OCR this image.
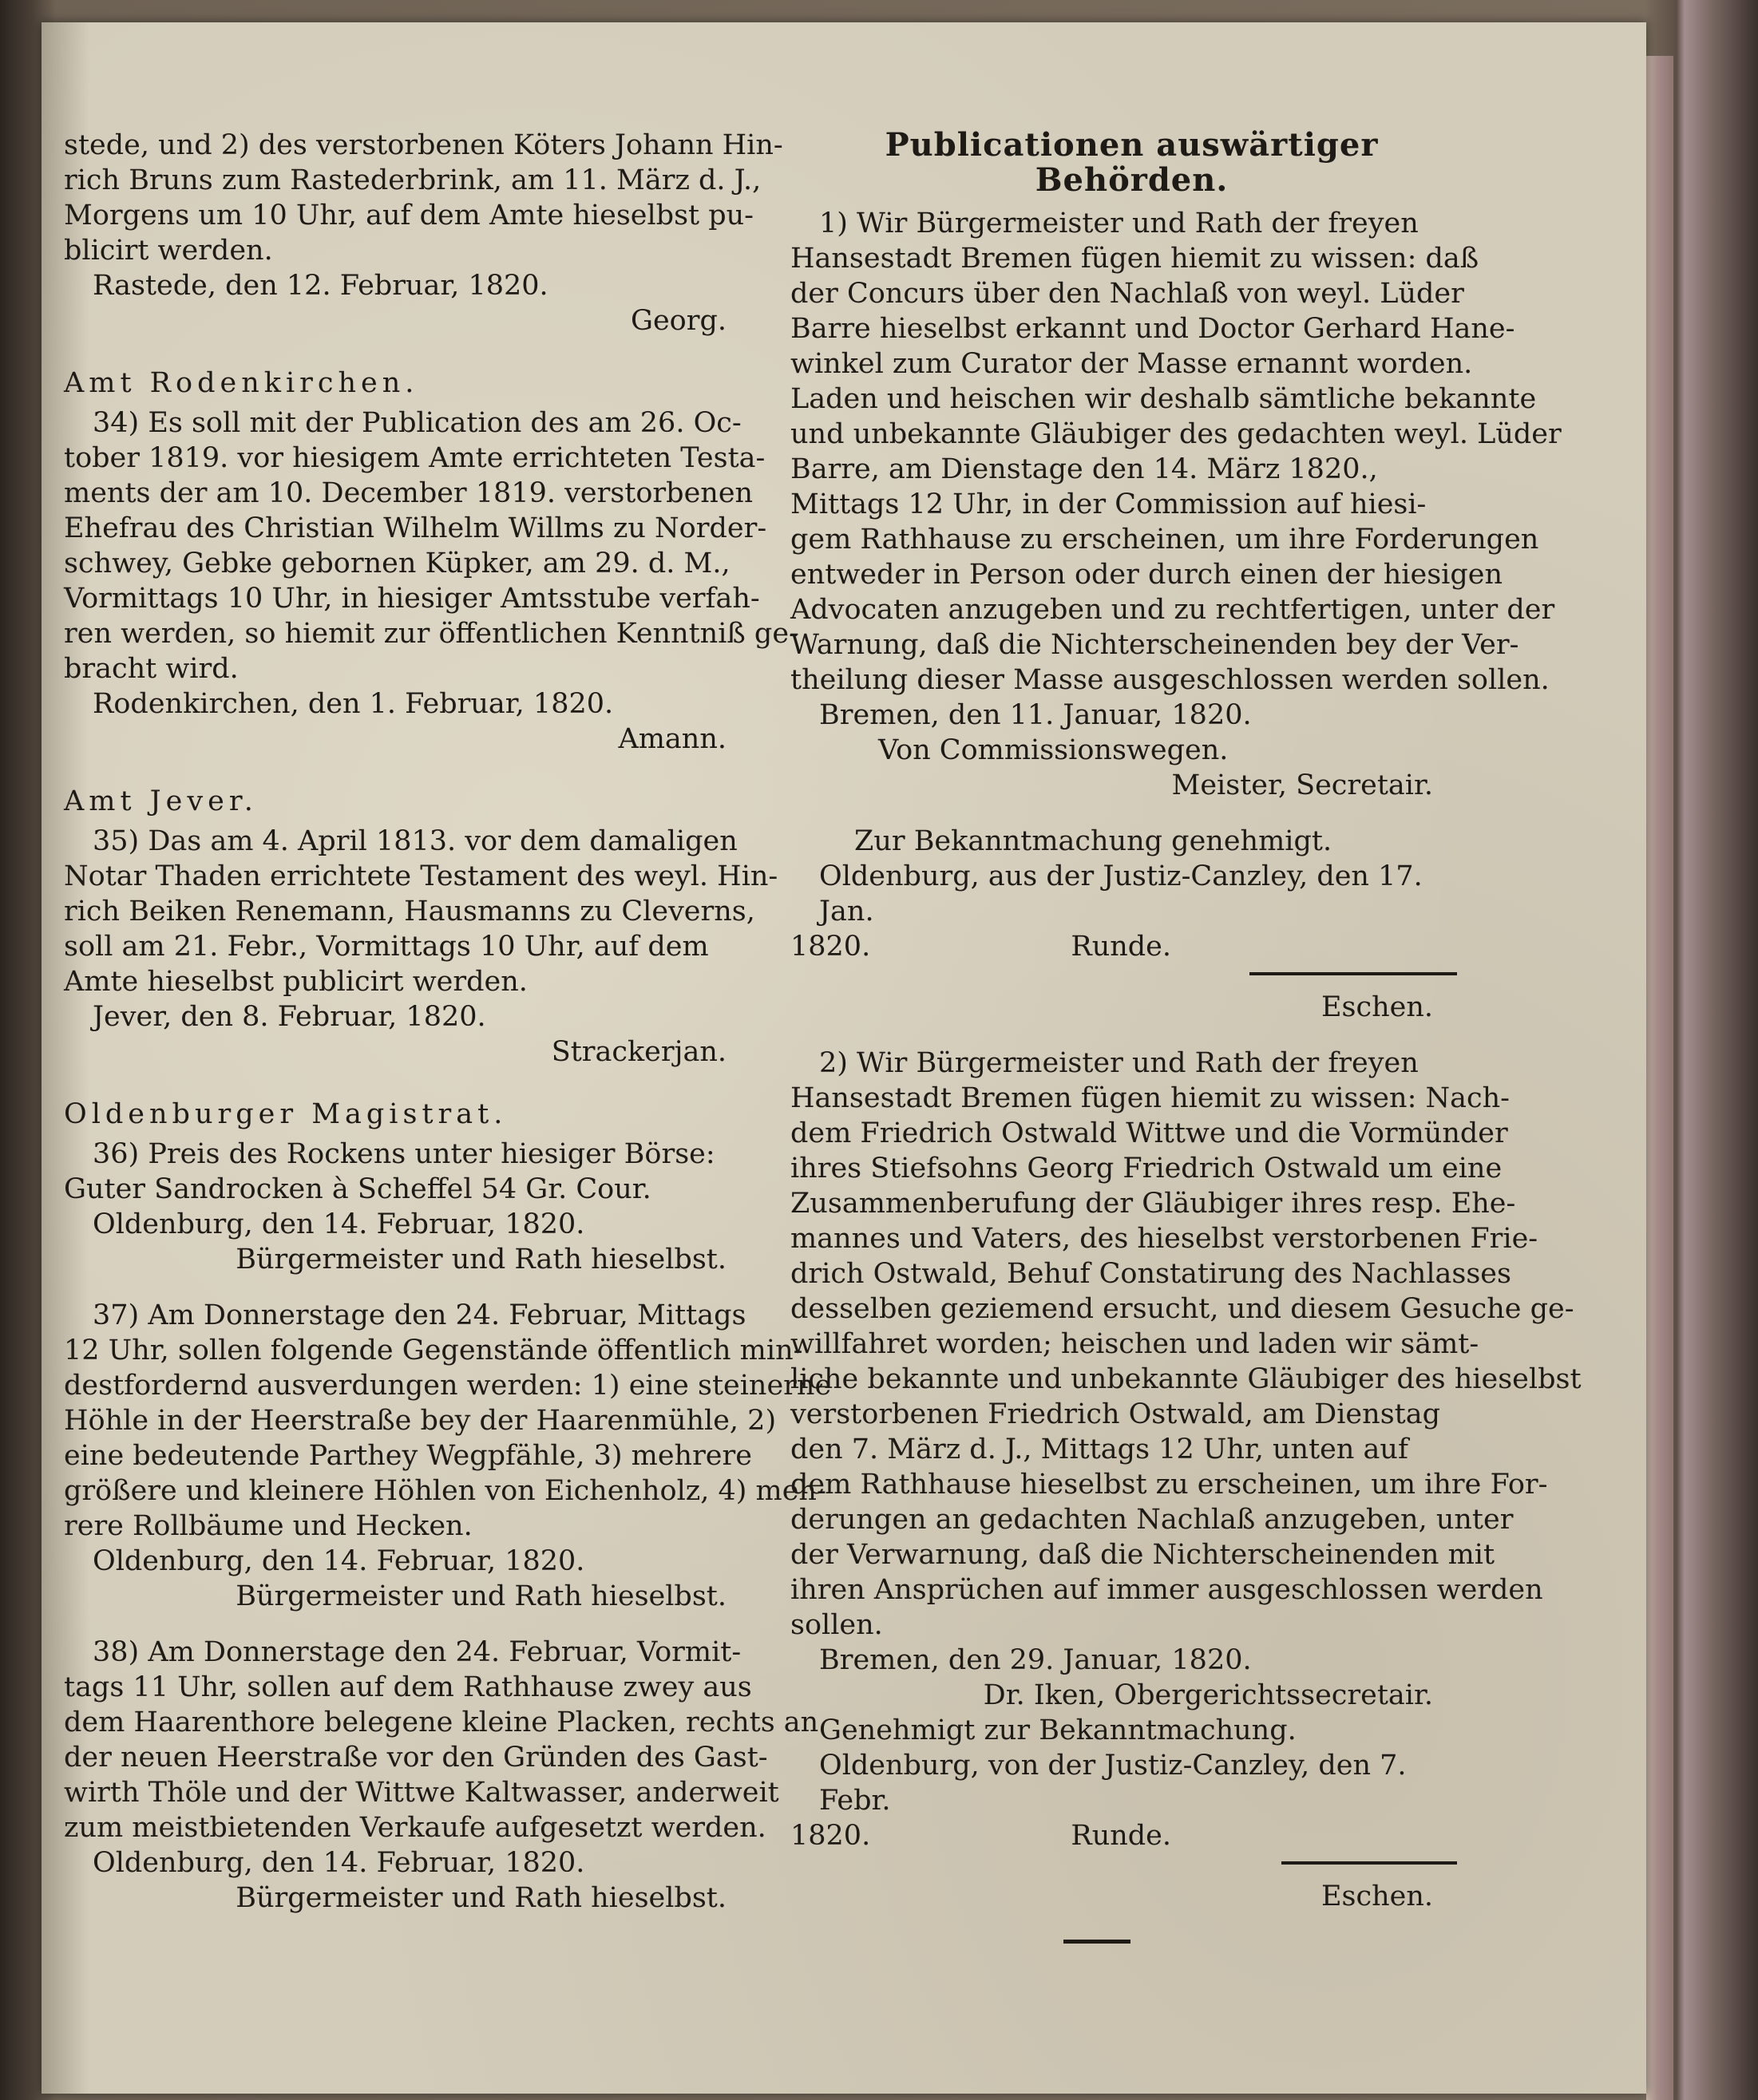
stede, und 2) des verstorbenen Köters Johann Hin-
rich Bruns zum Rastederbrink, am 11. März d. J.,
Morgens um 10 Uhr, auf dem Amte hieselbst pu-
blicirt werden.
Rastede, den 12. Februar, 1820.
Georg.
Amt Rodenkirchen.
34) Es soll mit der Publication des am 26. Oc-
tober 1819. vor hiesigem Amte errichteten Testa-
ments der am 10. December 1819. verstorbenen
Ehefrau des Christian Wilhelm Willms zu Norder-
schwey, Gebke gebornen Küpker, am 29. d. M.,
Vormittags 10 Uhr, in hiesiger Amtsstube verfah-
ren werden, so hiemit zur öffentlichen Kenntniß ge-
bracht wird.
Rodenkirchen, den 1. Februar, 1820.
Amann.
Amt Jever.
35) Das am 4. April 1813. vor dem damaligen
Notar Thaden errichtete Testament des weyl. Hin-
rich Beiken Renemann, Hausmanns zu Cleverns,
soll am 21. Febr., Vormittags 10 Uhr, auf dem
Amte hieselbst publicirt werden.
Jever, den 8. Februar, 1820.
Strackerjan.
Oldenburger Magistrat.
36) Preis des Rockens unter hiesiger Börse:
Guter Sandrocken à Scheffel 54 Gr. Cour.
Oldenburg, den 14. Februar, 1820.
Bürgermeister und Rath hieselbst.
37) Am Donnerstage den 24. Februar, Mittags
12 Uhr, sollen folgende Gegenstände öffentlich min-
destfordernd ausverdungen werden: 1) eine steinerne
Höhle in der Heerstraße bey der Haarenmühle, 2)
eine bedeutende Parthey Wegpfähle, 3) mehrere
größere und kleinere Höhlen von Eichenholz, 4) meh-
rere Rollbäume und Hecken.
Oldenburg, den 14. Februar, 1820.
Bürgermeister und Rath hieselbst.
38) Am Donnerstage den 24. Februar, Vormit-
tags 11 Uhr, sollen auf dem Rathhause zwey aus
dem Haarenthore belegene kleine Placken, rechts an
der neuen Heerstraße vor den Gründen des Gast-
wirth Thöle und der Wittwe Kaltwasser, anderweit
zum meistbietenden Verkaufe aufgesetzt werden.
Oldenburg, den 14. Februar, 1820.
Bürgermeister und Rath hieselbst.
Publicationen auswärtiger Behörden.
1) Wir Bürgermeister und Rath der freyen
Hansestadt Bremen fügen hiemit zu wissen: daß
der Concurs über den Nachlaß von weyl. Lüder
Barre hieselbst erkannt und Doctor Gerhard Hane-
winkel zum Curator der Masse ernannt worden.
Laden und heischen wir deshalb sämtliche bekannte
und unbekannte Gläubiger des gedachten weyl. Lüder
Barre, am Dienstage den 14. März 1820.,
Mittags 12 Uhr, in der Commission auf hiesi-
gem Rathhause zu erscheinen, um ihre Forderungen
entweder in Person oder durch einen der hiesigen
Advocaten anzugeben und zu rechtfertigen, unter der
Warnung, daß die Nichterscheinenden bey der Ver-
theilung dieser Masse ausgeschlossen werden sollen.
Bremen, den 11. Januar, 1820.
Von Commissionswegen.
Meister, Secretair.
Zur Bekanntmachung genehmigt.
Oldenburg, aus der Justiz-Canzley, den 17. Jan.
1820.	Runde.
Eschen.
2) Wir Bürgermeister und Rath der freyen
Hansestadt Bremen fügen hiemit zu wissen: Nach-
dem Friedrich Ostwald Wittwe und die Vormünder
ihres Stiefsohns Georg Friedrich Ostwald um eine
Zusammenberufung der Gläubiger ihres resp. Ehe-
mannes und Vaters, des hieselbst verstorbenen Frie-
drich Ostwald, Behuf Constatirung des Nachlasses
desselben geziemend ersucht, und diesem Gesuche ge-
willfahret worden; heischen und laden wir sämt-
liche bekannte und unbekannte Gläubiger des hieselbst
verstorbenen Friedrich Ostwald, am Dienstag
den 7. März d. J., Mittags 12 Uhr, unten auf
dem Rathhause hieselbst zu erscheinen, um ihre For-
derungen an gedachten Nachlaß anzugeben, unter
der Verwarnung, daß die Nichterscheinenden mit
ihren Ansprüchen auf immer ausgeschlossen werden
sollen.
Bremen, den 29. Januar, 1820.
Dr. Iken, Obergerichtssecretair.
Genehmigt zur Bekanntmachung.
Oldenburg, von der Justiz-Canzley, den 7. Febr.
1820.	Runde.
Eschen.
